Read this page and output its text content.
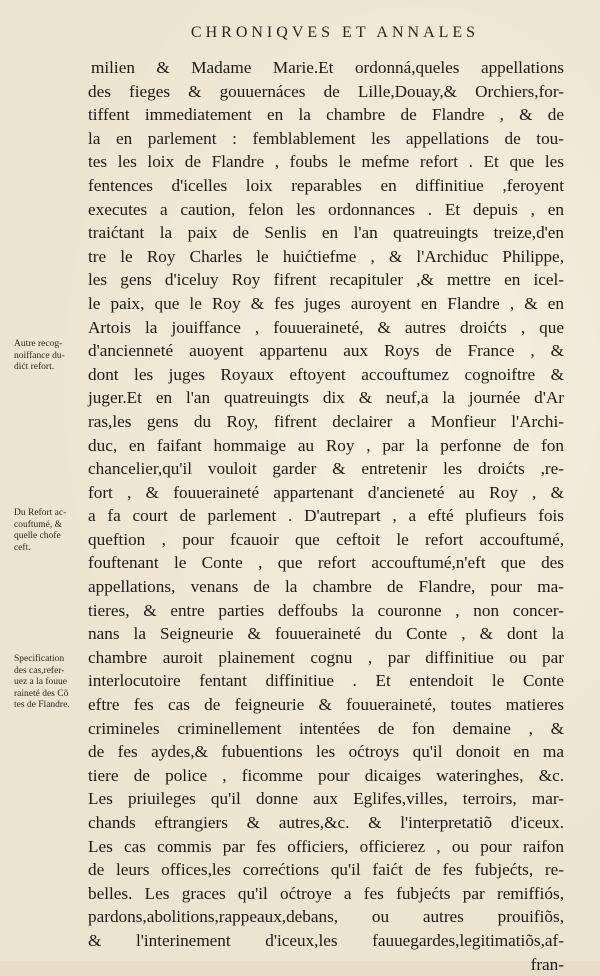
CHRONIQVES ET ANNALES
milien & Madame Marie.Et ordonná,queles appellations
des fieges & gouuernáces de Lille,Douay,& Orchiers,for-
tiffent immediatement en la chambre de Flandre , & de
la en parlement : femblablement les appellations de tou-
tes les loix de Flandre , foubs le mefme refort . Et que les
fentences d'icelles loix reparables en diffinitiue ,feroyent
executes a caution, felon les ordonnances . Et depuis , en
traićtant la paix de Senlis en l'an quatreuingts treize,d'en
tre le Roy Charles le huićtiefme , & l'Archiduc Philippe,
les gens d'iceluy Roy fifrent recapituler ,& mettre en icel-
le paix, que le Roy & fes juges auroyent en Flandre , & en
Artois la jouiffance , fouueraineté, & autres droićts , que
d'ancienneté auoyent appartenu aux Roys de France , &
dont les juges Royaux eftoyent accouftumez cognoiftre &
juger.Et en l'an quatreuingts dix & neuf,a la journée d'Ar
ras,les gens du Roy, fifrent declairer a Monfieur l'Archi-
duc, en faifant hommaige au Roy , par la perfonne de fon
chancelier,qu'il vouloit garder & entretenir les droićts ,re-
fort , & fouueraineté appartenant d'ancieneté au Roy , &
a fa court de parlement . D'autrepart , a efté plufieurs fois
queftion , pour fcauoir que ceftoit le refort accouftumé,
fouftenant le Conte , que refort accouftumé,n'eft que des
appellations, venans de la chambre de Flandre, pour ma-
tieres, & entre parties deffoubs la couronne , non concer-
nans la Seigneurie & fouueraineté du Conte , & dont la
chambre auroit plainement cognu , par diffinitiue ou par
interlocutoire fentant diffinitiue . Et entendoit le Conte
eftre fes cas de feigneurie & fouueraineté, toutes matieres
crimineles criminellement intentées de fon demaine , &
de fes aydes,& fubuentions les oćtroys qu'il donoit en ma
tiere de police , ficomme pour dicaiges wateringhes, &c.
Les priuileges qu'il donne aux Eglifes,villes, terroirs, mar-
chands eftrangiers & autres,&c. & l'interpretatiõ d'iceux.
Les cas commis par fes officiers, officierez , ou pour raifon
de leurs offices,les correćtions qu'il faićt de fes fubjećts, re-
belles. Les graces qu'il oćtroye a fes fubjećts par remiffiós,
pardons,abolitions,rappeaux,debans, ou autres prouifiõs,
& l'interinement d'iceux,les fauuegardes,legitimatiõs,af-
fran-
Autre recog-
noiffance du-
dićt refort.
Du Refort ac-
couftumé, &
quelle chofe
ceft.
Specification
des cas,refer-
uez a la fouue
raineté des Cõ
tes de Flandre.
